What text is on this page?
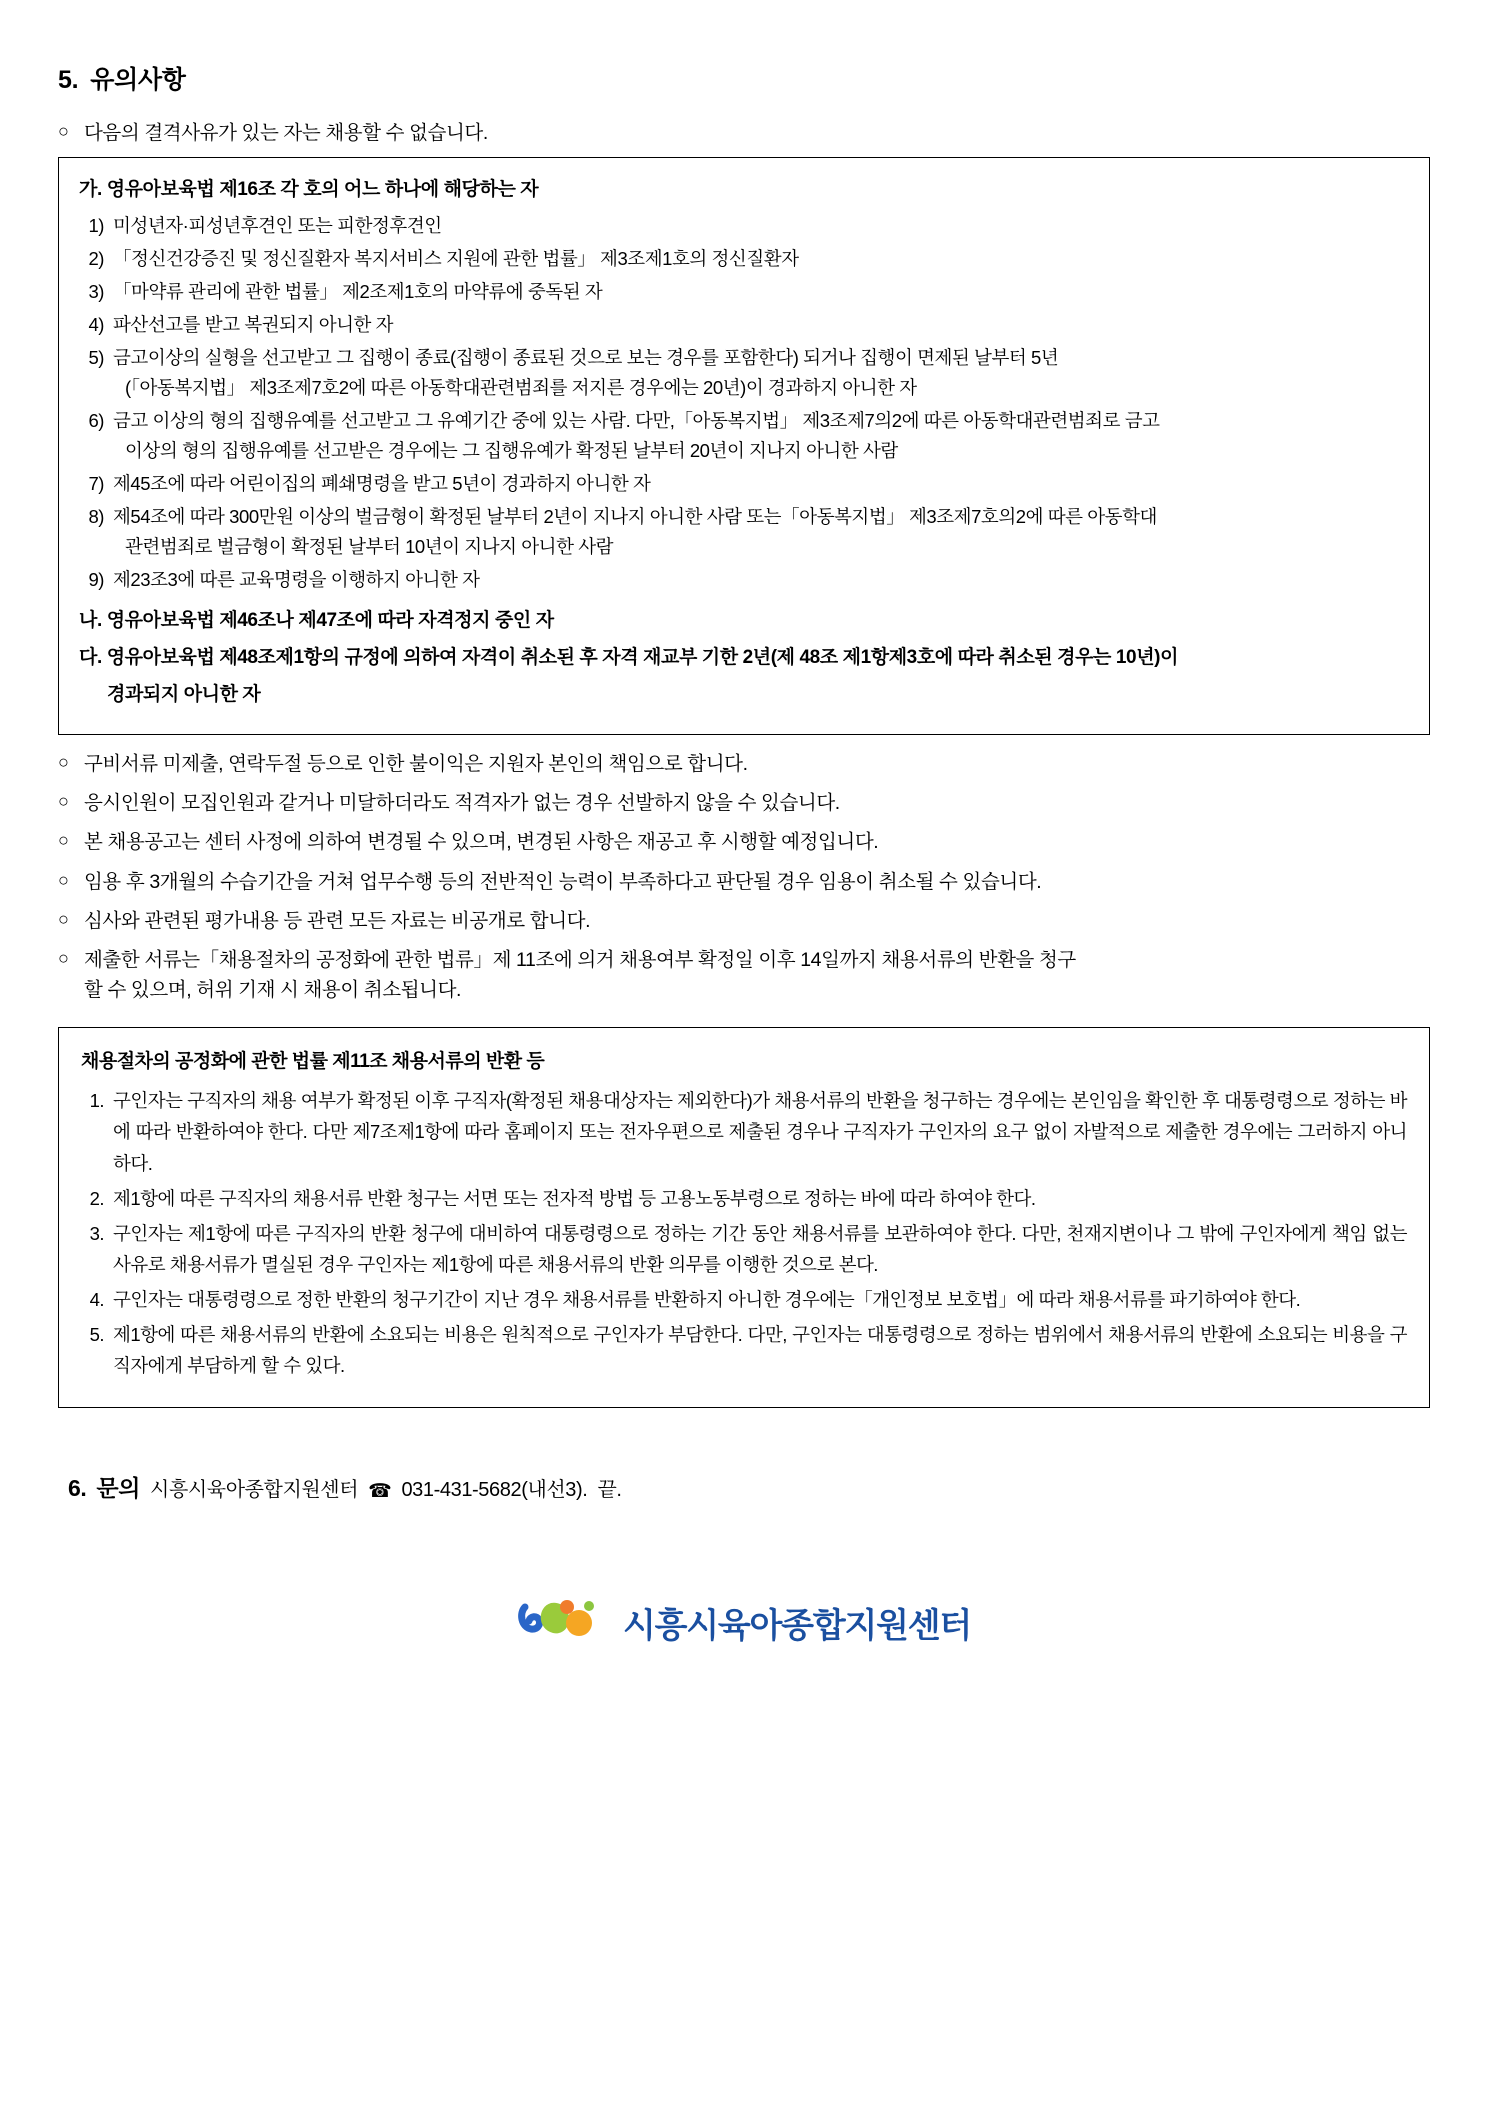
5. 유의사항
○ 다음의 결격사유가 있는 자는 채용할 수 없습니다.
가. 영유아보육법 제16조 각 호의 어느 하나에 해당하는 자
1) 미성년자·피성년후견인 또는 피한정후견인
2) 「정신건강증진 및 정신질환자 복지서비스 지원에 관한 법률」 제3조제1호의 정신질환자
3) 「마약류 관리에 관한 법률」 제2조제1호의 마약류에 중독된 자
4) 파산선고를 받고 복권되지 아니한 자
5) 금고이상의 실형을 선고받고 그 집행이 종료(집행이 종료된 것으로 보는 경우를 포함한다) 되거나 집행이 면제된 날부터 5년
(「아동복지법」 제3조제7호2에 따른 아동학대관련범죄를 저지른 경우에는 20년)이 경과하지 아니한 자
6) 금고 이상의 형의 집행유예를 선고받고 그 유예기간 중에 있는 사람. 다만,「아동복지법」 제3조제7의2에 따른 아동학대관련범죄로 금고
이상의 형의 집행유예를 선고받은 경우에는 그 집행유예가 확정된 날부터 20년이 지나지 아니한 사람
7) 제45조에 따라 어린이집의 폐쇄명령을 받고 5년이 경과하지 아니한 자
8) 제54조에 따라 300만원 이상의 벌금형이 확정된 날부터 2년이 지나지 아니한 사람 또는「아동복지법」 제3조제7호의2에 따른 아동학대
관련범죄로 벌금형이 확정된 날부터 10년이 지나지 아니한 사람
9) 제23조3에 따른 교육명령을 이행하지 아니한 자
나. 영유아보육법 제46조나 제47조에 따라 자격정지 중인 자
다. 영유아보육법 제48조제1항의 규정에 의하여 자격이 취소된 후 자격 재교부 기한 2년(제 48조 제1항제3호에 따라 취소된 경우는 10년)이
경과되지 아니한 자
○ 구비서류 미제출, 연락두절 등으로 인한 불이익은 지원자 본인의 책임으로 합니다.
○ 응시인원이 모집인원과 같거나 미달하더라도 적격자가 없는 경우 선발하지 않을 수 있습니다.
○ 본 채용공고는 센터 사정에 의하여 변경될 수 있으며, 변경된 사항은 재공고 후 시행할 예정입니다.
○ 임용 후 3개월의 수습기간을 거쳐 업무수행 등의 전반적인 능력이 부족하다고 판단될 경우 임용이 취소될 수 있습니다.
○ 심사와 관련된 평가내용 등 관련 모든 자료는 비공개로 합니다.
○ 제출한 서류는「채용절차의 공정화에 관한 법류」제 11조에 의거 채용여부 확정일 이후 14일까지 채용서류의 반환을 청구
할 수 있으며, 허위 기재 시 채용이 취소됩니다.
채용절차의 공정화에 관한 법률 제11조 채용서류의 반환 등
1. 구인자는 구직자의 채용 여부가 확정된 이후 구직자(확정된 채용대상자는 제외한다)가 채용서류의 반환을 청구하는 경우에는 본인임을 확인한 후 대통령령으로 정하는 바에 따라 반환하여야 한다. 다만 제7조제1항에 따라 홈페이지 또는 전자우편으로 제출된 경우나 구직자가 구인자의 요구 없이 자발적으로 제출한 경우에는 그러하지 아니하다.
2. 제1항에 따른 구직자의 채용서류 반환 청구는 서면 또는 전자적 방법 등 고용노동부령으로 정하는 바에 따라 하여야 한다.
3. 구인자는 제1항에 따른 구직자의 반환 청구에 대비하여 대통령령으로 정하는 기간 동안 채용서류를 보관하여야 한다. 다만, 천재지변이나 그 밖에 구인자에게 책임 없는 사유로 채용서류가 멸실된 경우 구인자는 제1항에 따른 채용서류의 반환 의무를 이행한 것으로 본다.
4. 구인자는 대통령령으로 정한 반환의 청구기간이 지난 경우 채용서류를 반환하지 아니한 경우에는「개인정보 보호법」에 따라 채용서류를 파기하여야 한다.
5. 제1항에 따른 채용서류의 반환에 소요되는 비용은 원칙적으로 구인자가 부담한다. 다만, 구인자는 대통령령으로 정하는 범위에서 채용서류의 반환에 소요되는 비용을 구직자에게 부담하게 할 수 있다.
6. 문의 시흥시육아종합지원센터 ☎ 031-431-5682(내선3). 끝.
시흥시육아종합지원센터
